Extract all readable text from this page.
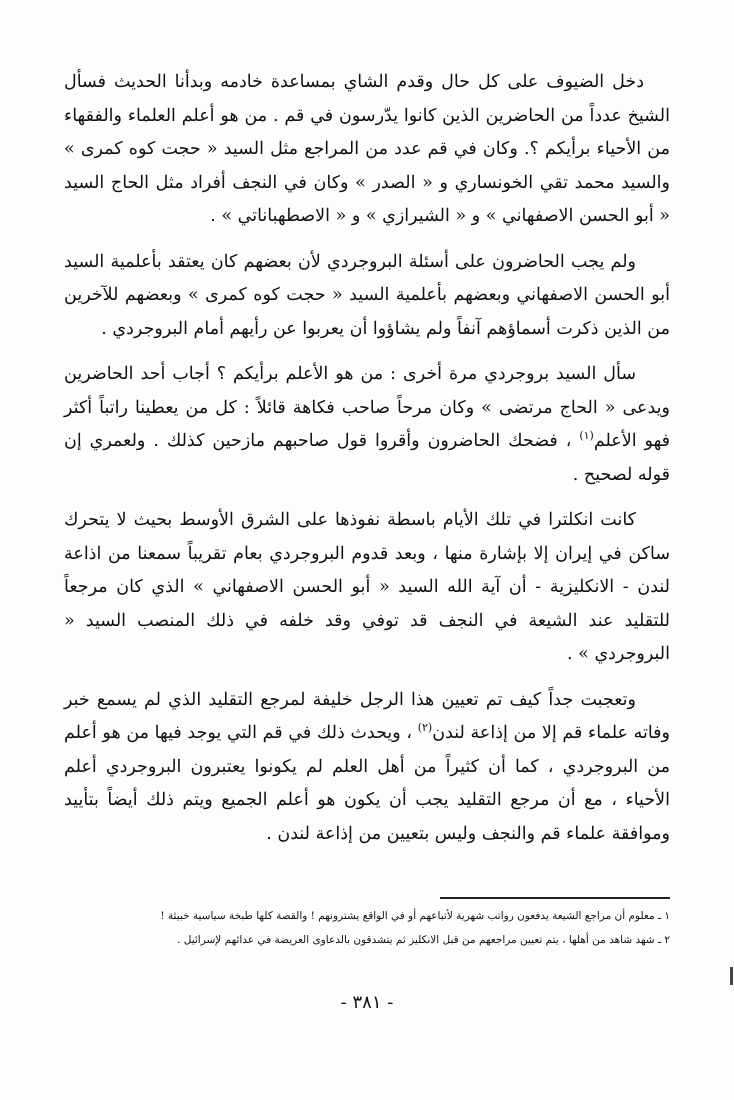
دخل الضيوف على كل حال وقدم الشاي بمساعدة خادمه وبدأنا الحديث فسأل الشيخ عدداً من الحاضرين الذين كانوا يدّرسون في قم . من هو أعلم العلماء والفقهاء من الأحياء برأيكم ؟. وكان في قم عدد من المراجع مثل السيد « حجت كوه كمرى » والسيد محمد تقي الخونساري و « الصدر » وكان في النجف أفراد مثل الحاج السيد « أبو الحسن الاصفهاني » و « الشيرازي » و « الاصطهباناتي » .

ولم يجب الحاضرون على أسئلة البروجردي لأن بعضهم كان يعتقد بأعلمية السيد أبو الحسن الاصفهاني وبعضهم بأعلمية السيد « حجت كوه كمرى » وبعضهم للآخرين من الذين ذكرت أسماؤهم آنفاً ولم يشاؤوا أن يعربوا عن رأيهم أمام البروجردي .

سأل السيد بروجردي مرة أخرى : من هو الأعلم برأيكم ؟ أجاب أحد الحاضرين ويدعى « الحاج مرتضى » وكان مرحاً صاحب فكاهة قائلاً : كل من يعطينا راتباً أكثر فهو الأعلم$^{(١)}$ ، فضحك الحاضرون وأقروا قول صاحبهم مازحين كذلك . ولعمري إن قوله لصحيح .

كانت انكلترا في تلك الأيام باسطة نفوذها على الشرق الأوسط بحيث لا يتحرك ساكن في إيران إلا بإشارة منها ، وبعد قدوم البروجردي بعام تقريباً سمعنا من اذاعة لندن - الانكليزية - أن آية الله السيد « أبو الحسن الاصفهاني » الذي كان مرجعاً للتقليد عند الشيعة في النجف قد توفي وقد خلفه في ذلك المنصب السيد « البروجردي » .

وتعجبت جداً كيف تم تعيين هذا الرجل خليفة لمرجع التقليد الذي لم يسمع خبر وفاته علماء قم إلا من إذاعة لندن$^{(٢)}$ ، ويحدث ذلك في قم التي يوجد فيها من هو أعلم من البروجردي ، كما أن كثيراً من أهل العلم لم يكونوا يعتبرون البروجردي أعلم الأحياء ، مع أن مرجع التقليد يجب أن يكون هو أعلم الجميع ويتم ذلك أيضاً بتأييد وموافقة علماء قم والنجف وليس بتعيين من إذاعة لندن .

١ ـ معلوم أن مراجع الشيعة يدفعون رواتب شهرية لأتباعهم أو في الواقع يشترونهم ! والقصة كلها طبخة سياسية خبيثة !
٢ ـ شهد شاهد من أهلها ، يتم تعيين مراجعهم من قبل الانكليز ثم يتشدقون بالدعاوى العريضة في عدائهم لإسرائيل .
- ٣٨١ -
